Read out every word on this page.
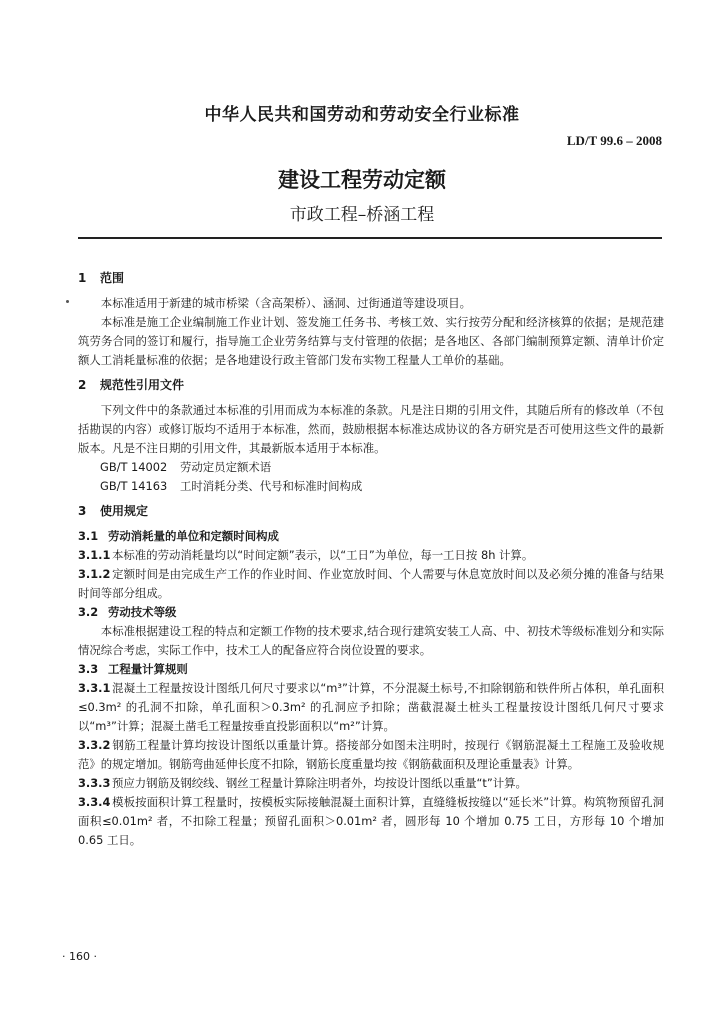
中华人民共和国劳动和劳动安全行业标准
LD/T 99.6 – 2008
建设工程劳动定额
市政工程–桥涵工程
1 范围

本标准适用于新建的城市桥梁（含高架桥）、涵洞、过街通道等建设项目。

本标准是施工企业编制施工作业计划、签发施工任务书、考核工效、实行按劳分配和经济核算的依据；是规范建筑劳务合同的签订和履行，指导施工企业劳务结算与支付管理的依据；是各地区、各部门编制预算定额、清单计价定额人工消耗量标准的依据；是各地建设行政主管部门发布实物工程量人工单价的基础。

2 规范性引用文件

下列文件中的条款通过本标准的引用而成为本标准的条款。凡是注日期的引用文件，其随后所有的修改单（不包括勘误的内容）或修订版均不适用于本标准，然而，鼓励根据本标准达成协议的各方研究是否可使用这些文件的最新版本。凡是不注日期的引用文件，其最新版本适用于本标准。

GB/T 14002 劳动定员定额术语
GB/T 14163 工时消耗分类、代号和标准时间构成
3 使用规定
3.1 劳动消耗量的单位和定额时间构成

3.1.1 本标准的劳动消耗量均以“时间定额”表示，以“工日”为单位，每一工日按 8h 计算。

3.1.2 定额时间是由完成生产工作的作业时间、作业宽放时间、个人需要与休息宽放时间以及必须分摊的准备与结果时间等部分组成。

3.2 劳动技术等级

本标准根据建设工程的特点和定额工作物的技术要求,结合现行建筑安装工人高、中、初技术等级标准划分和实际情况综合考虑，实际工作中，技术工人的配备应符合岗位设置的要求。

3.3 工程量计算规则

3.3.1 混凝土工程量按设计图纸几何尺寸要求以“m³”计算，不分混凝土标号,不扣除钢筋和铁件所占体积，单孔面积≤0.3m² 的孔洞不扣除，单孔面积＞0.3m² 的孔洞应予扣除；凿截混凝土桩头工程量按设计图纸几何尺寸要求以“m³”计算；混凝土凿毛工程量按垂直投影面积以“m²”计算。

3.3.2 钢筋工程量计算均按设计图纸以重量计算。搭接部分如图未注明时，按现行《钢筋混凝土工程施工及验收规范》的规定增加。钢筋弯曲延伸长度不扣除，钢筋长度重量均按《钢筋截面积及理论重量表》计算。

3.3.3 预应力钢筋及钢绞线、钢丝工程量计算除注明者外，均按设计图纸以重量“t”计算。

3.3.4 模板按面积计算工程量时，按模板实际接触混凝土面积计算，直缝缝板按缝以“延长米”计算。构筑物预留孔洞面积≤0.01m² 者，不扣除工程量；预留孔面积＞0.01m² 者，圆形每 10 个增加 0.75 工日，方形每 10 个增加 0.65 工日。

· 160 ·
